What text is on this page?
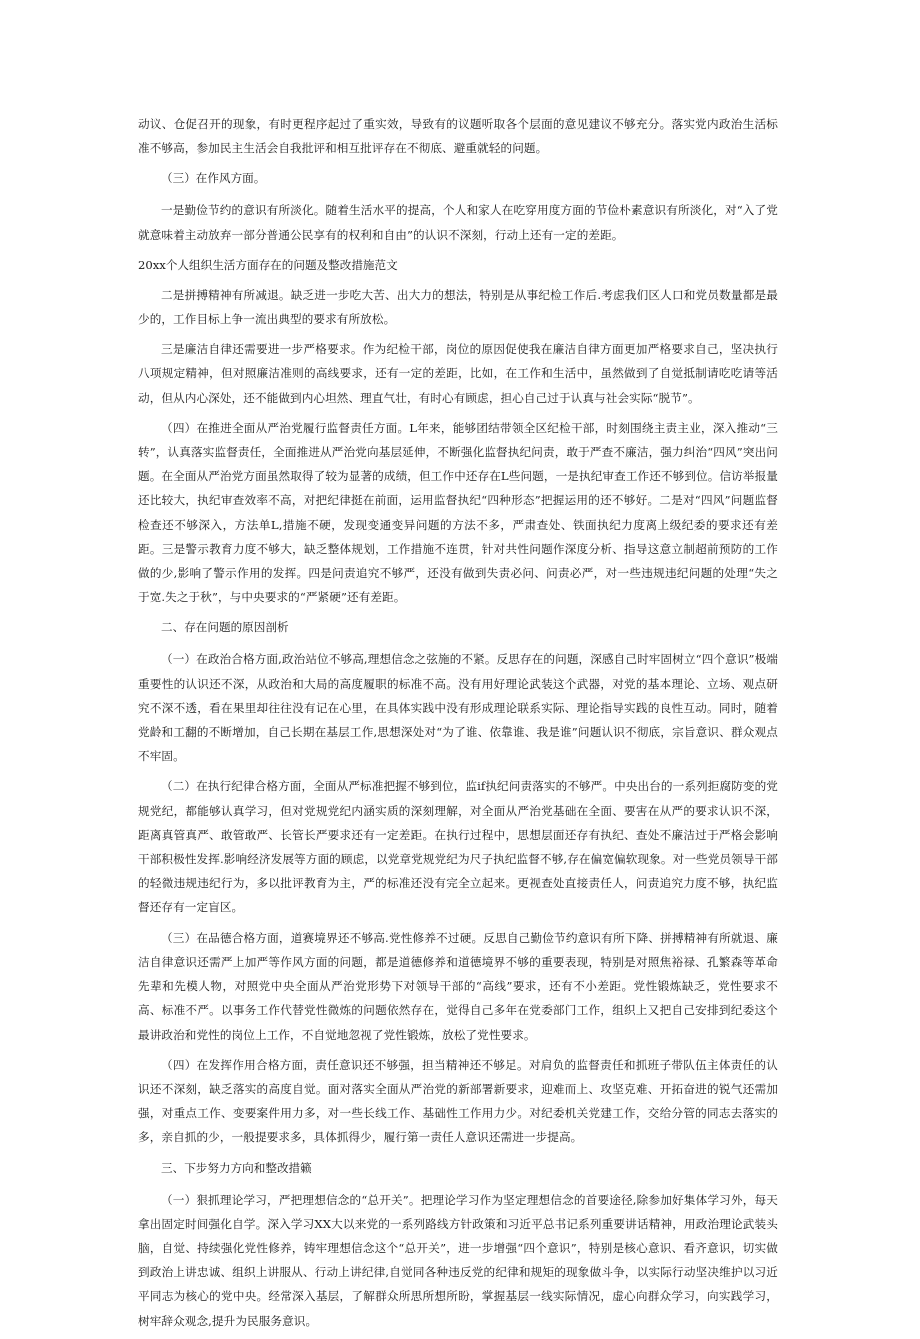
动议、仓促召开的现象，有时更程序起过了重实效，导致有的议题听取各个层面的意见建议不够充分。落实党内政治生活标准不够高，参加民主生活会自我批评和相互批评存在不彻底、避重就轻的问题。

（三）在作风方面。

一是勤俭节约的意识有所淡化。随着生活水平的提高，个人和家人在吃穿用度方面的节俭朴素意识有所淡化，对“入了党就意味着主动放弃一部分普通公民享有的权利和自由”的认识不深刻，行动上还有一定的差距。

20xx个人组织生活方面存在的问题及整改措施范文

二是拼搏精神有所减退。缺乏进一步吃大苦、出大力的想法，特别是从事纪检工作后.考虑我们区人口和党员数量都是最少的，工作目标上争一流出典型的要求有所放松。

三是廉洁自律还需要进一步严格要求。作为纪检干部，岗位的原因促使我在廉洁自律方面更加严格要求自己，坚决执行八项规定精神，但对照廉洁准则的高线要求，还有一定的差距，比如，在工作和生活中，虽然做到了自觉抵制请吃吃请等活动，但从内心深处，还不能做到内心坦然、理直气壮，有时心有顾虑，担心自己过于认真与社会实际“脱节”。

（四）在推进全面从严治党履行监督责任方面。L年来，能够团结带领全区纪检干部，时刻围绕主责主业，深入推动“三转”，认真落实监督责任，全面推进从严治党向基层延伸，不断强化监督执纪问责，敢于严查不廉洁，强力纠治“四风”突出问题。在全面从严治党方面虽然取得了较为显著的成绩，但工作中还存在L些问题，一是执纪审查工作还不够到位。信访举报量还比较大，执纪审查效率不高，对把纪律挺在前面，运用监督执纪“四种形态”把握运用的还不够好。二是对“四风”问题监督检查还不够深入，方法单L,措施不硬，发现变通变异问题的方法不多，严肃查处、铁面执纪力度离上级纪委的要求还有差距。三是警示教育力度不够大，缺乏整体规划，工作措施不连贯，针对共性问题作深度分析、指导这意立制超前预防的工作做的少,影响了警示作用的发挥。四是问责追究不够严，还没有做到失责必问、问责必严，对一些违规违纪问题的处理“失之于宽.失之于秋”，与中央要求的“严紧硬”还有差距。

二、存在问题的原因剖析

（一）在政治合格方面,政治站位不够高,理想信念之弦施的不紧。反思存在的问题，深感自己时牢固树立“四个意识”极端重要性的认识还不深，从政治和大局的高度履职的标准不高。没有用好理论武装这个武器，对党的基本理论、立场、观点研究不深不透，看在果里却往往没有记在心里，在具体实践中没有形成理论联系实际、理论指导实践的良性互动。同时，随着党龄和工翻的不断增加，自己长期在基层工作,思想深处对“为了谁、依靠谁、我是谁”问题认识不彻底，宗旨意识、群众观点不牢固。

（二）在执行纪律合格方面，全面从严标准把握不够到位，监if执纪问责落实的不够严。中央出台的一系列拒腐防变的党规党纪，都能够认真学习，但对党规党纪内涵实质的深刻理解，对全面从严治党基础在全面、要害在从严的要求认识不深，距离真管真严、敢管敢严、长管长严要求还有一定差距。在执行过程中，思想层面还存有执纪、查处不廉洁过于严格会影响干部积极性发挥.影响经济发展等方面的顾虑，以党章党规党纪为尺子执纪监督不够,存在偏宽偏软现象。对一些党员领导干部的轻微违规违纪行为，多以批评教育为主，严的标准还没有完全立起来。更视查处直接责任人，问责追究力度不够，执纪监督还存有一定盲区。

（三）在品德合格方面，道赛境界还不够高.党性修养不过硬。反思自己勤俭节约意识有所下降、拼搏精神有所就退、廉洁自律意识还需严上加严等作风方面的问题，都是道德修养和道德境界不够的重要表现，特别是对照焦裕禄、孔繁森等革命先辈和先模人物，对照党中央全面从严治党形势下对领导干部的“高线”要求，还有不小差距。党性锻炼缺乏，党性要求不高、标准不严。以事务工作代替党性微炼的问题依然存在，觉得自己多年在党委部门工作，组织上又把自己安排到纪委这个最讲政治和党性的岗位上工作，不自觉地忽视了党性锻炼，放松了党性要求。

（四）在发挥作用合格方面，责任意识还不够强，担当精神还不够足。对肩负的监督责任和抓班子带队伍主体责任的认识还不深刻，缺乏落实的高度自觉。面对落实全面从严治党的新部署新要求，迎难而上、攻坚克难、开拓奋进的锐气还需加强，对重点工作、变要案件用力多，对一些长线工作、基础性工作用力少。对纪委机关党建工作，交给分管的同志去落实的多，亲自抓的少，一般提要求多，具体抓得少，履行第一责任人意识还需进一步提高。

三、下步努力方向和整改措籁

（一）狠抓理论学习，严把理想信念的“总开关”。把理论学习作为坚定理想信念的首要途径,除参加好集体学习外，每天拿出固定时间强化自学。深入学习XX大以来党的一系列路线方针政策和习近平总书记系列重要讲话精神，用政治理论武装头脑，自觉、持续强化党性修养，铸牢理想信念这个“总开关”，进一步增强“四个意识”，特别是核心意识、看齐意识，切实做到政治上讲忠诚、组织上讲服从、行动上讲纪律,自觉同各种违反党的纪律和规矩的现象做斗争，以实际行动坚决维护以习近平同志为核心的党中央。经常深入基层，了解群众所思所想所盼，掌握基层一线实际情况，虚心向群众学习，向实践学习，树牢辞众观念,提升为民服务意识。
